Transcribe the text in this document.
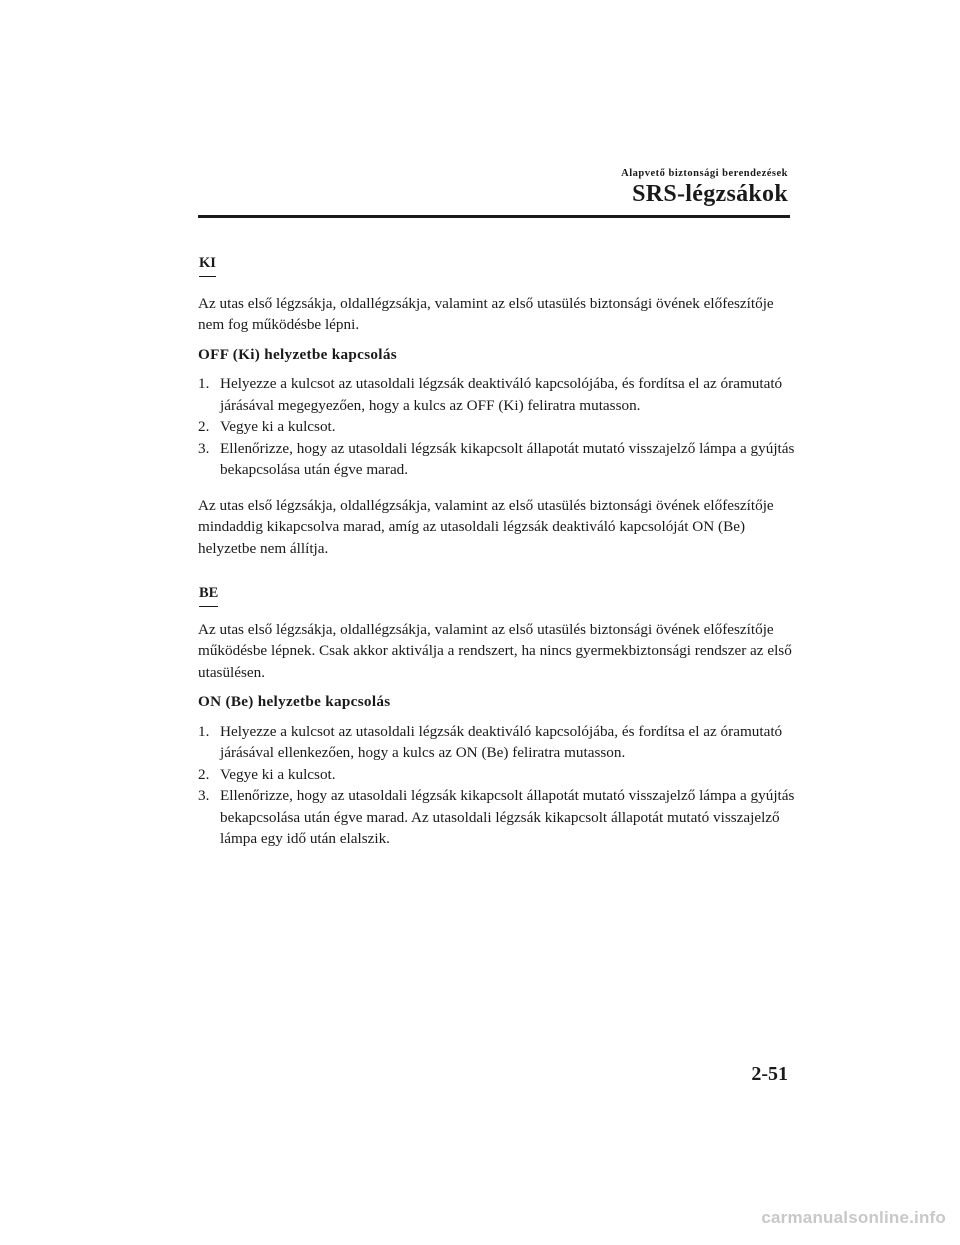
Alapvető biztonsági berendezések
SRS-légzsákok
KI

Az utas első légzsákja, oldallégzsákja, valamint az első utasülés biztonsági övének előfeszítője nem fog működésbe lépni.

OFF (Ki) helyzetbe kapcsolás

1. Helyezze a kulcsot az utasoldali légzsák deaktiváló kapcsolójába, és fordítsa el az óramutató járásával megegyezően, hogy a kulcs az OFF (Ki) feliratra mutasson.
2. Vegye ki a kulcsot.
3. Ellenőrizze, hogy az utasoldali légzsák kikapcsolt állapotát mutató visszajelző lámpa a gyújtás bekapcsolása után égve marad.

Az utas első légzsákja, oldallégzsákja, valamint az első utasülés biztonsági övének előfeszítője mindaddig kikapcsolva marad, amíg az utasoldali légzsák deaktiváló kapcsolóját ON (Be) helyzetbe nem állítja.

BE

Az utas első légzsákja, oldallégzsákja, valamint az első utasülés biztonsági övének előfeszítője működésbe lépnek. Csak akkor aktiválja a rendszert, ha nincs gyermekbiztonsági rendszer az első utasülésen.

ON (Be) helyzetbe kapcsolás

1. Helyezze a kulcsot az utasoldali légzsák deaktiváló kapcsolójába, és fordítsa el az óramutató járásával ellenkezően, hogy a kulcs az ON (Be) feliratra mutasson.
2. Vegye ki a kulcsot.
3. Ellenőrizze, hogy az utasoldali légzsák kikapcsolt állapotát mutató visszajelző lámpa a gyújtás bekapcsolása után égve marad. Az utasoldali légzsák kikapcsolt állapotát mutató visszajelző lámpa egy idő után elalszik.
2-51
carmanualsonline.info
